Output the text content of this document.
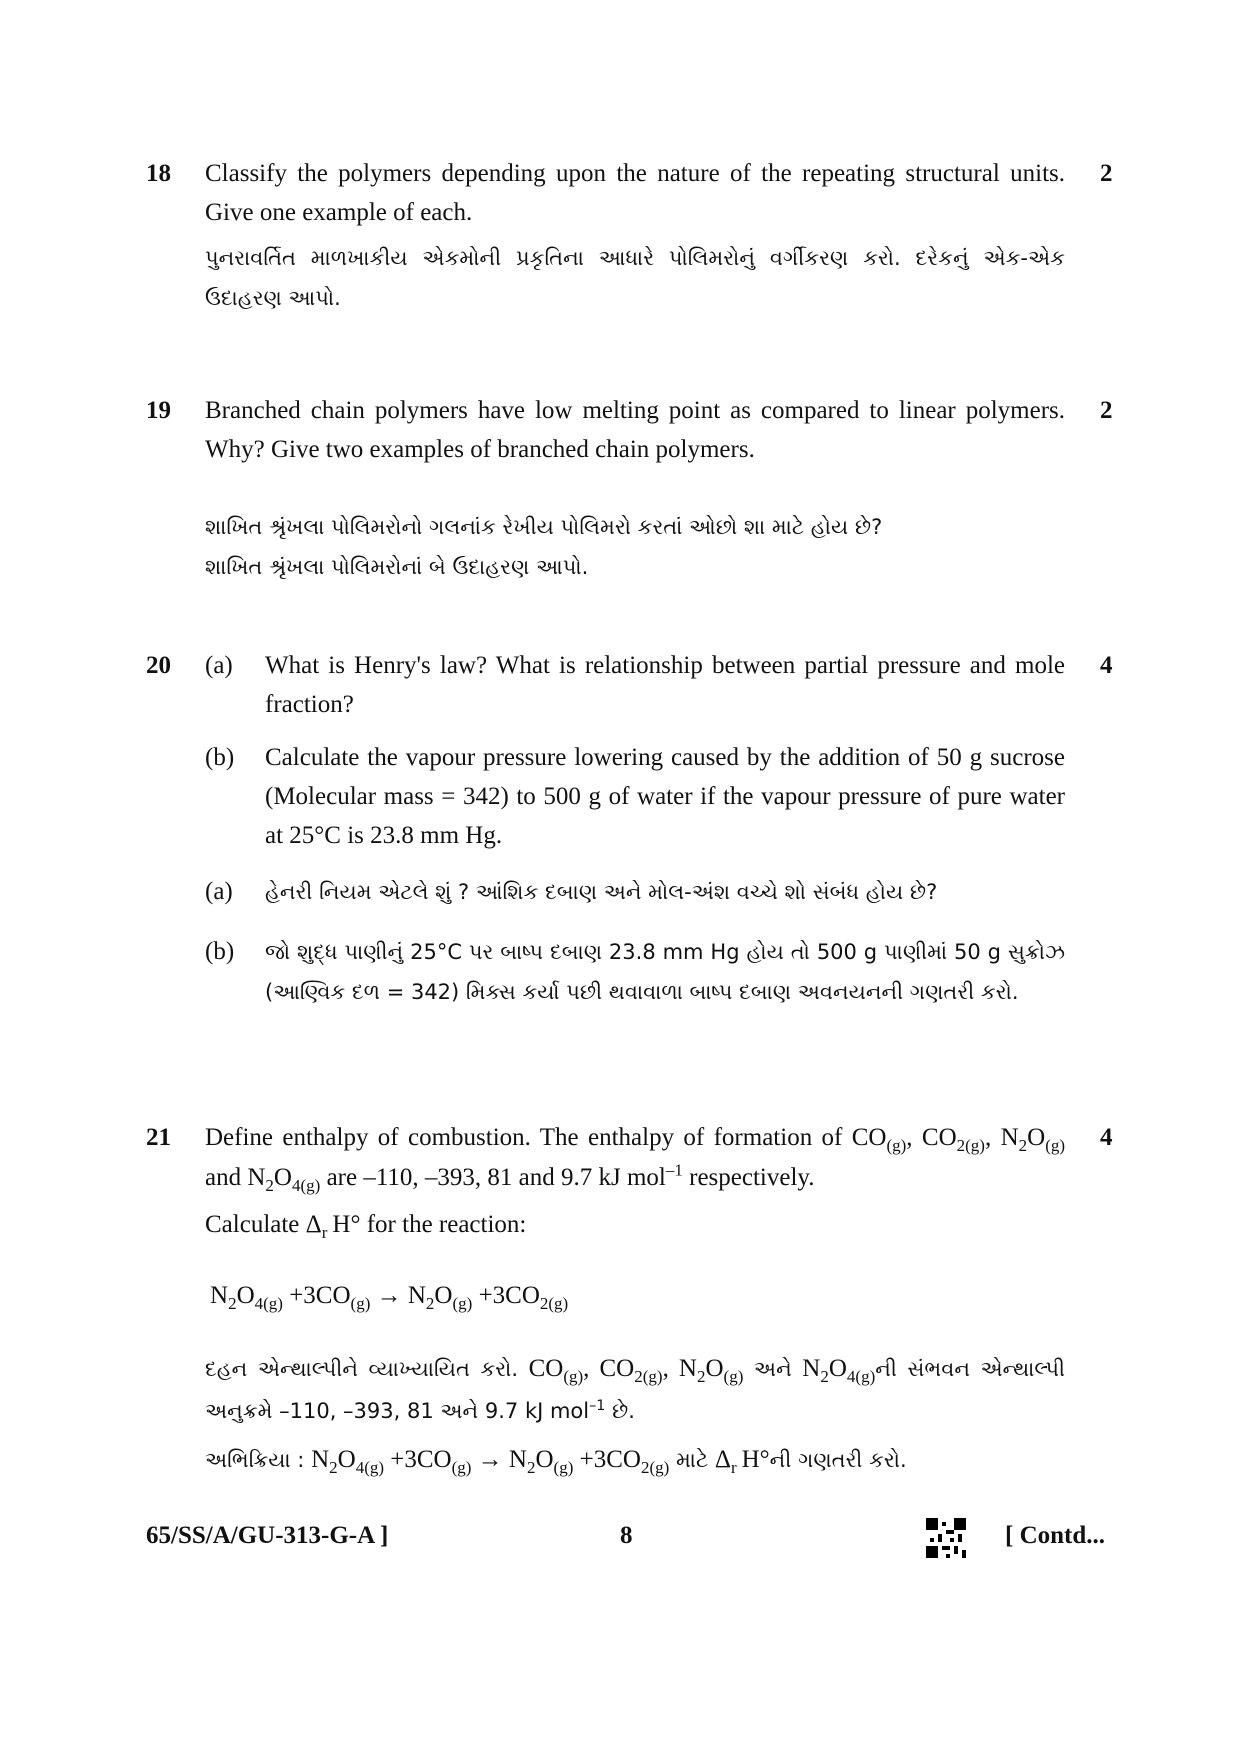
18	2
Classify the polymers depending upon the nature of the repeating structural units. Give one example of each.
પુનરાવર્તિત માળખાકીય એકમોની પ્રકૃતિના આધારે પોલિમરોનું વર્ગીકરણ કરો. દરેકનું એક-એક ઉદાહરણ આપો.
19	2
Branched chain polymers have low melting point as compared to linear polymers. Why? Give two examples of branched chain polymers.
શાખિત શ્રૃંખલા પોલિમરોનો ગલનાંક રેખીય પોલિમરો કરતાં ઓછો શા માટે હોય છે?
શાખિત શ્રૃંખલા પોલિમરોનાં બે ઉદાહરણ આપો.
20	4
(a) What is Henry's law? What is relationship between partial pressure and mole fraction?
(b) Calculate the vapour pressure lowering caused by the addition of 50 g sucrose (Molecular mass = 342) to 500 g of water if the vapour pressure of pure water at 25°C is 23.8 mm Hg.
(a) હેનરી નિયમ એટલે શું ? આંશિક દબાણ અને મોલ-અંશ વચ્ચે શો સંબંધ હોય છે?
(b) જો શુદ્ધ પાણીનું 25°C પર બાષ્પ દબાણ 23.8 mm Hg હોય તો 500 g પાણીમાં 50 g સુક્રોઝ (આણ્વિક દળ = 342) મિક્સ કર્યા પછી થવાવાળા બાષ્પ દબાણ અવનયનની ગણતરી કરો.
21	4
Define enthalpy of combustion. The enthalpy of formation of $CO_{(g)}$, $CO_{2(g)}$, $N_2O_{(g)}$ and $N_2O_{4(g)}$ are –110, –393, 81 and 9.7 kJ mol$^{-1}$ respectively.
Calculate $\Delta_r$ H° for the reaction:
$N_2O_{4(g)} +3CO_{(g)} \to N_2O_{(g)} +3CO_{2(g)}$
દહન એન્થાલ્પીને વ્યાખ્યાયિત કરો. $CO_{(g)}$, $CO_{2(g)}$, $N_2O_{(g)}$ અને $N_2O_{4(g)}ની$ સંભવન એન્થાલ્પી અનુક્રમે –110, –393, 81 અને 9.7 kJ mol$^{-1}$ છે.
અભિક્રિયા : $N_2O_{4(g)} +3CO_{(g)} \to N_2O_{(g)} +3CO_{2(g)}$ માટે $\Delta_r$ H°ની ગણતરી કરો.
65/SS/A/GU-313-G-A ]	8	[ Contd...
